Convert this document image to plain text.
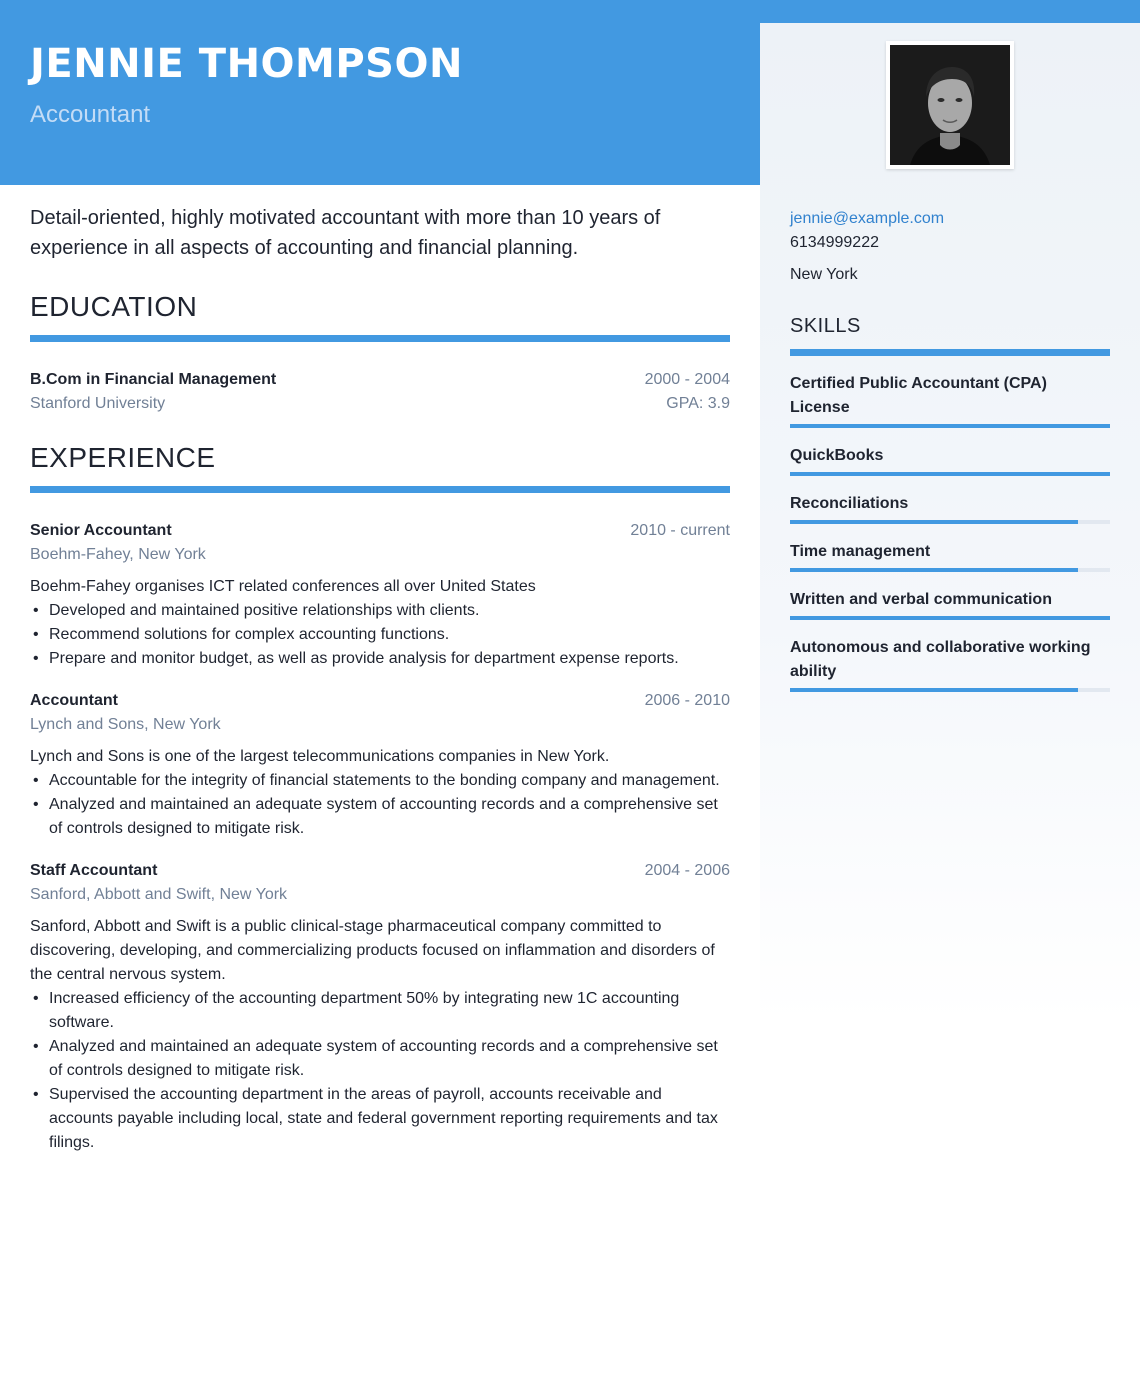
JENNIE THOMPSON
Accountant

Detail-oriented, highly motivated accountant with more than 10 years of experience in all aspects of accounting and financial planning.

EDUCATION
B.Com in Financial Management	2000 - 2004
Stanford University	GPA: 3.9
EXPERIENCE
Senior Accountant	2010 - current
Boehm-Fahey, New York
Boehm-Fahey organises ICT related conferences all over United States
• Developed and maintained positive relationships with clients.
• Recommend solutions for complex accounting functions.
• Prepare and monitor budget, as well as provide analysis for department expense reports.
Accountant	2006 - 2010
Lynch and Sons, New York
Lynch and Sons is one of the largest telecommunications companies in New York.
• Accountable for the integrity of financial statements to the bonding company and management.
• Analyzed and maintained an adequate system of accounting records and a comprehensive set of controls designed to mitigate risk.
Staff Accountant	2004 - 2006
Sanford, Abbott and Swift, New York
Sanford, Abbott and Swift is a public clinical-stage pharmaceutical company committed to discovering, developing, and commercializing products focused on inflammation and disorders of the central nervous system.
• Increased efficiency of the accounting department 50% by integrating new 1C accounting software.
• Analyzed and maintained an adequate system of accounting records and a comprehensive set of controls designed to mitigate risk.
• Supervised the accounting department in the areas of payroll, accounts receivable and accounts payable including local, state and federal government reporting requirements and tax filings.
jennie@example.com
6134999222
New York
SKILLS
Certified Public Accountant (CPA) License
QuickBooks
Reconciliations
Time management
Written and verbal communication
Autonomous and collaborative working ability
